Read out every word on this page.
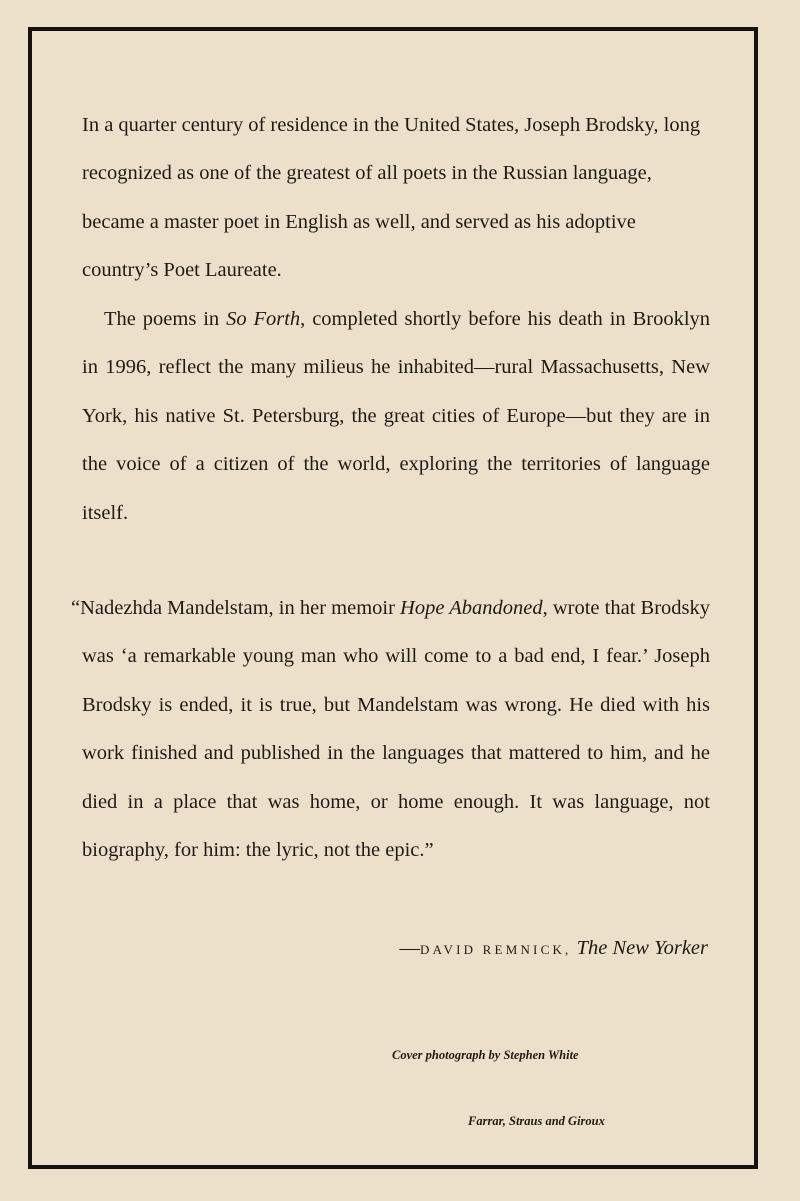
In a quarter century of residence in the United States, Joseph Brodsky, long recognized as one of the greatest of all poets in the Russian language, became a master poet in English as well, and served as his adoptive country’s Poet Laureate.

The poems in So Forth, completed shortly before his death in Brooklyn in 1996, reflect the many milieus he inhabited—rural Massachusetts, New York, his native St. Petersburg, the great cities of Europe—but they are in the voice of a citizen of the world, exploring the territories of language itself.

“Nadezhda Mandelstam, in her memoir Hope Abandoned, wrote that Brodsky was ‘a remarkable young man who will come to a bad end, I fear.’ Joseph Brodsky is ended, it is true, but Mandelstam was wrong. He died with his work finished and published in the languages that mattered to him, and he died in a place that was home, or home enough. It was language, not biography, for him: the lyric, not the epic.”

—DAVID REMNICK, The New Yorker
Cover photograph by Stephen White
Farrar, Straus and Giroux
